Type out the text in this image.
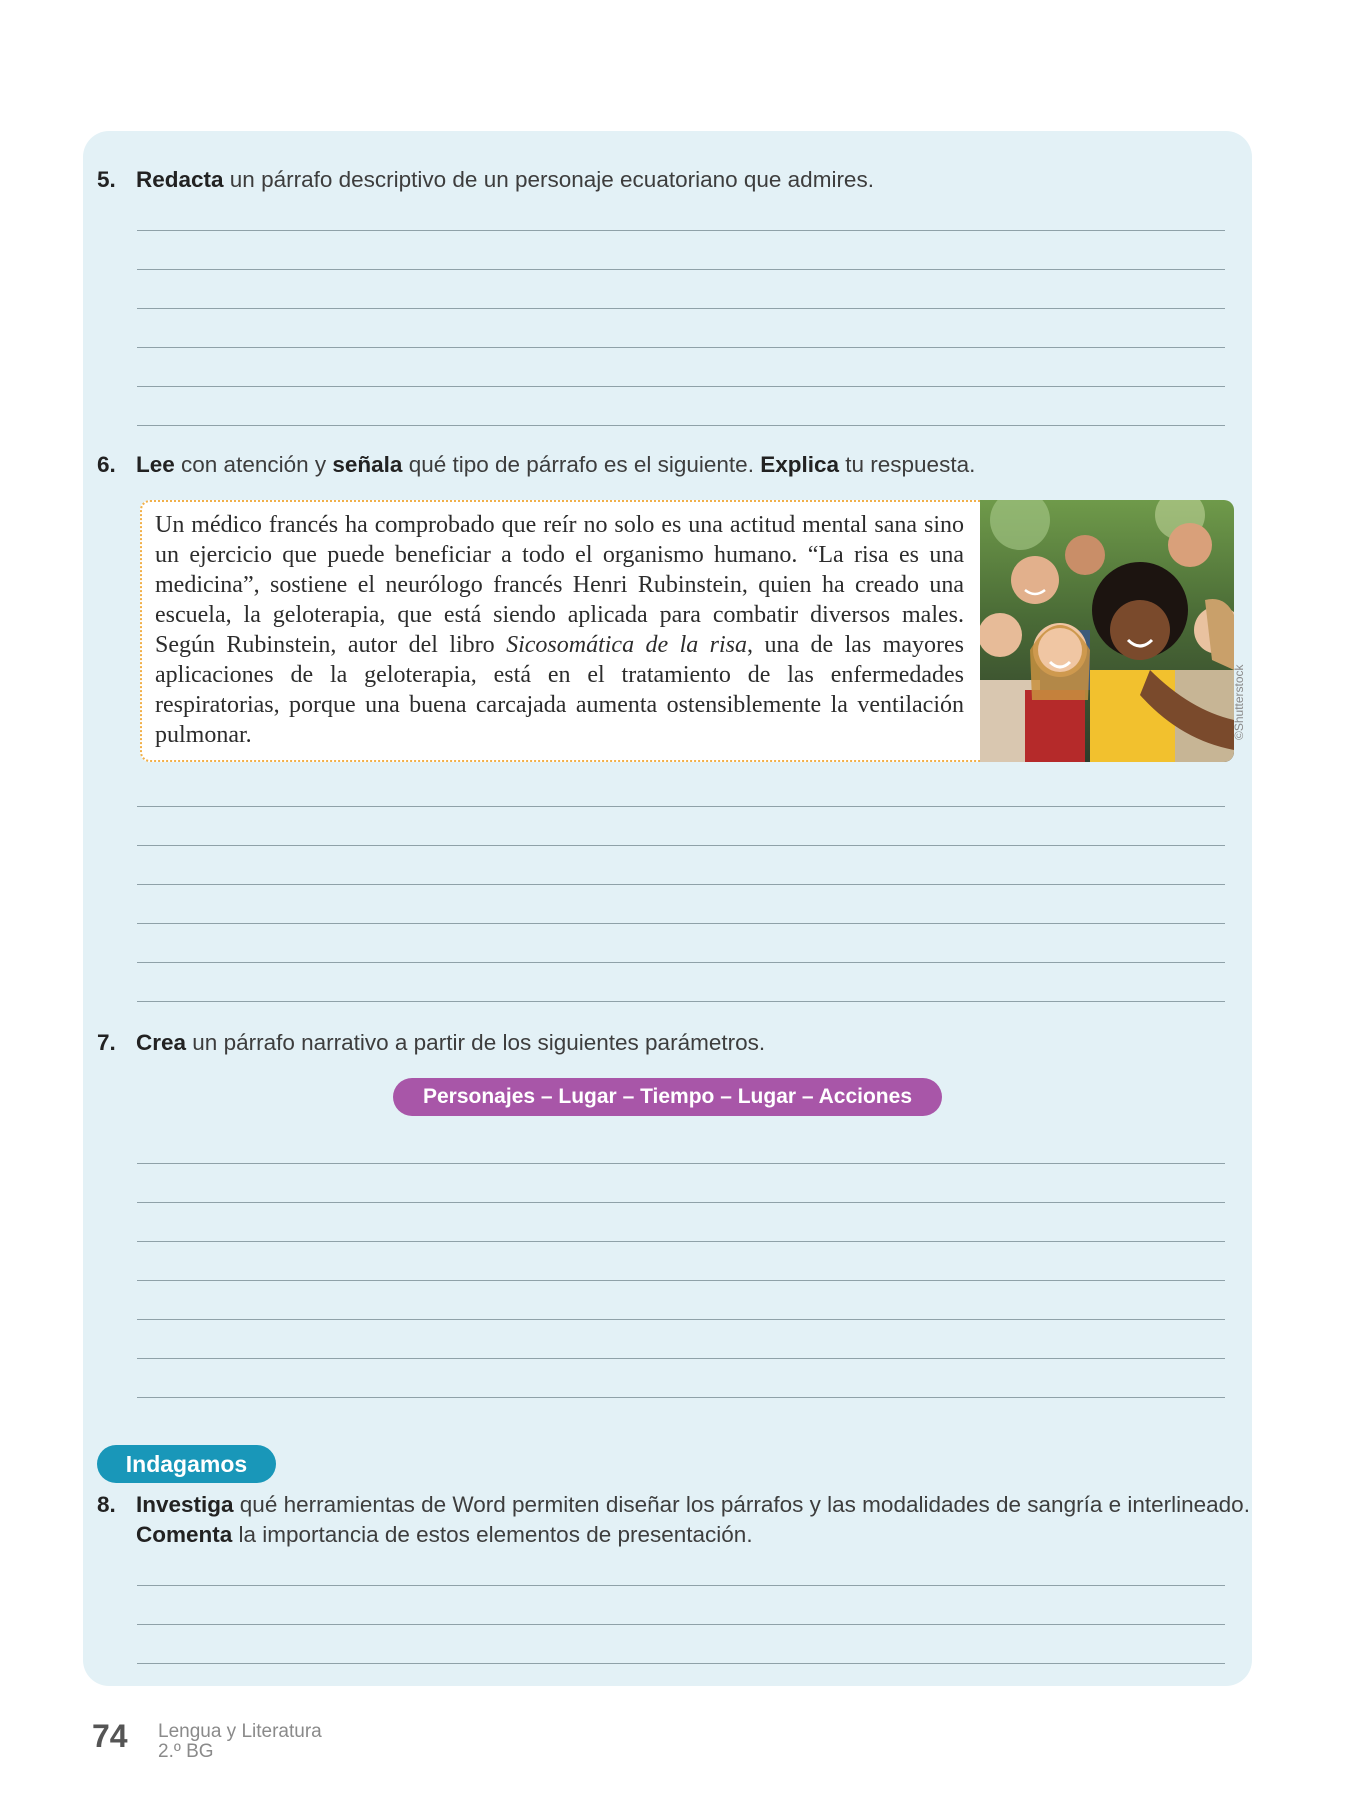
5. Redacta un párrafo descriptivo de un personaje ecuatoriano que admires.
6. Lee con atención y señala qué tipo de párrafo es el siguiente. Explica tu respuesta.

Un médico francés ha comprobado que reír no solo es una actitud mental sana sino un ejercicio que puede beneficiar a todo el organismo humano. “La risa es una medicina”, sostiene el neurólogo francés Henri Rubinstein, quien ha creado una escuela, la geloterapia, que está siendo aplicada para combatir diversos males. Según Rubinstein, autor del libro Sicosomática de la risa, una de las mayores aplicaciones de la geloterapia, está en el tratamiento de las enfermedades respiratorias, porque una buena carcajada aumenta ostensiblemente la ventilación pulmonar.	©Shutterstock
7. Crea un párrafo narrativo a partir de los siguientes parámetros.
Personajes – Lugar – Tiempo – Lugar – Acciones
Indagamos
8. Investiga qué herramientas de Word permiten diseñar los párrafos y las modalidades de sangría e interlineado.
Comenta la importancia de estos elementos de presentación.
74 Lengua y Literatura
2.º BG
